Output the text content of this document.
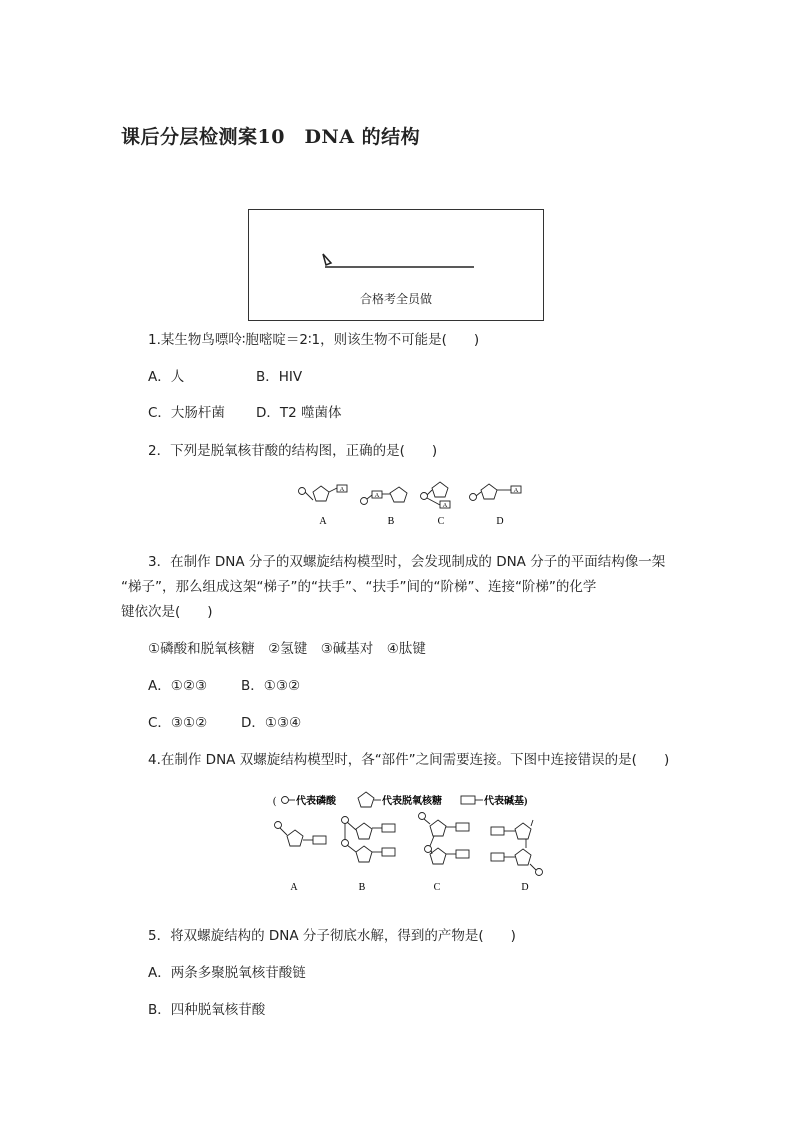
课后分层检测案10　DNA 的结构
合格考全员做
1.某生物鸟嘌呤∶胞嘧啶＝2∶1，则该生物不可能是(　　)
A．人	B．HIV
C．大肠杆菌 D．T2 噬菌体
2．下列是脱氧核苷酸的结构图，正确的是(　　)
A
A
A
A
A	B	C	D
3．在制作 DNA 分子的双螺旋结构模型时，会发现制成的 DNA 分子的平面结构像一架
“梯子”，那么组成这架“梯子”的“扶手”、“扶手”间的“阶梯”、连接“阶梯”的化学
键依次是(　　)
①磷酸和脱氧核糖　②氢键　③碱基对　④肽键
A．①②③	B．①③②
C．③①②	D．①③④
4.在制作 DNA 双螺旋结构模型时，各“部件”之间需要连接。下图中连接错误的是(　　)
( 代表磷酸	代表脱氧核糖	代表碱基)
A	B	C	D
5．将双螺旋结构的 DNA 分子彻底水解，得到的产物是(　　)
A．两条多聚脱氧核苷酸链
B．四种脱氧核苷酸
